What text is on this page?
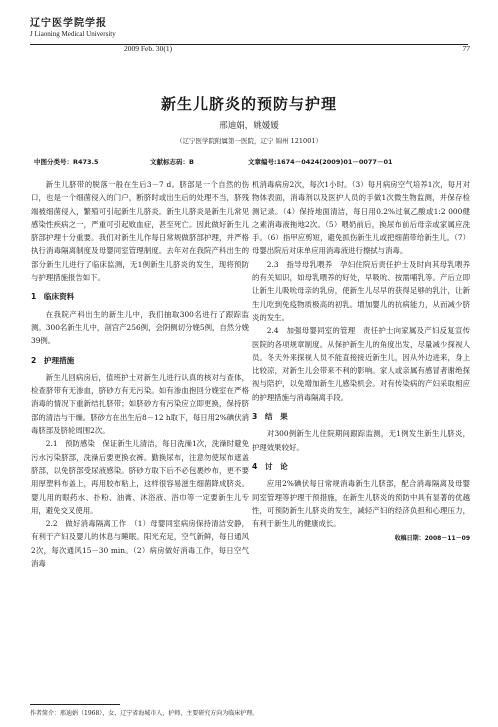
辽宁医学院学报
J Liaoning Medical University
2009 Feb. 30(1)	77
新生儿脐炎的预防与护理
邢迪娟，姚媛媛
（辽宁医学院附属第一医院，辽宁 锦州 121001）
中图分类号：R473.5	文献标志码：B	文章编号:1674－0424(2009)01－0077－01

新生儿脐带的脱落一般在生后3－7 d。脐部是一个自然的伤口，也是一个细菌侵入的门户，断脐时或出生后的处理不当，脐残端被细菌侵入，繁殖可引起新生儿脐炎。新生儿脐炎是新生儿常见感染性疾病之一，严重可引起败血症，甚至死亡。因此做好新生儿脐部护理十分重要。我们对新生儿作每日常规做脐部护理，并严格执行消毒隔离制度及母婴同室管理制度。去年对在我院产科出生的部分新生儿进行了临床监测，无1例新生儿脐炎的发生，现将预防与护理措施报告如下。

1　临床资料

在我院产科出生的新生儿中，我们抽取300名进行了跟踪监测。300名新生儿中，剖宫产256例，会阴侧切分娩5例，自然分娩39例。

2　护理措施

新生儿回病房后，值班护士对新生儿进行认真的核对与查体，检查脐带有无渗血，脐砂方有无污染。如有渗血抱回分娩室在严格消毒的情况下重新结扎脐带；如脐砂方有污染应立即更换，保持脐部的清洁与干燥。脐砂方在出生后8－12 h取下，每日用2%碘伏消毒脐部及脐轮周围2次。

2.1　预防感染　保证新生儿清洁，每日洗澡1次，洗澡时避免污水污染脐部，洗澡后要更换衣裤。勤换尿布，注意勿使尿布遮盖脐部，以免脐部受尿液感染。脐砂方取下后不必包裹纱布，更不要用厚塑料布盖上，再用胶布粘上，这样很容易滋生细菌降成脐炎。婴儿用的眼药水、扑粉、油膏、沐浴液、浴巾等一定要新生儿专用，避免交叉使用。

2.2　做好消毒隔离工作　（1）母婴同室病房保持清洁安静，有利于产妇及婴儿的休息与睡眠。阳光充足，空气新鲜，每日通风2次，每次通风15－30 min。（2）病房做好消毒工作，每日空气消毒

机消毒病房2次，每次1小时。（3）每月病房空气培养1次，每月对物体表面，消毒剂以及医护人员的手做1次微生物监测，并保存检测记录。（4）保持地面清洁，每日用0.2%过氧乙酸或1:2 000健之素消毒液拖地2次。（5）喂奶前后，换尿布前后母亲或家属应洗手。（6）指甲应剪短，避免抓伤新生儿或把细菌带给新生儿。（7）母婴出院后对床单应用消毒液进行擦拭与消毒。

2.3　指导母乳喂养　孕妇住院后责任护士及时向其母乳喂养的有关知识，如母乳喂养的好处，早吸吮、按需哺乳等。产后立即让新生儿吸吮母亲的乳房，使新生儿尽早的获得足够的乳汁，让新生儿吃到免疫物质极高的初乳。增加婴儿的抗病能力，从而减少脐炎的发生。

2.4　加强母婴同室的管理　责任护士向家属及产妇反复宣传医院的各项规章制度。从保护新生儿的角度出发，尽量减少探视人员。冬天外来探视人员不能直接接近新生儿，因从外边进来，身上比较凉，对新生儿会带来不利的影响。家人或亲属有感冒者谢绝探视与陪护，以免增加新生儿感染机会。对有传染病的产妇采取相应的护理措施与消毒隔离手段。

3　结　果

对300例新生儿住院期间跟踪监测，无1例发生新生儿脐炎，护理效果较好。

4　讨　论

应用2%碘伏每日常规消毒新生儿脐部，配合消毒隔离及母婴同室管理等护理干预措施，在新生儿脐炎的预防中具有显著的优越性，可预防新生儿脐炎的发生，减轻产妇的经济负担和心理压力，有利于新生儿的健康成长。

收稿日期：2008－11－09
作者简介：邢迪娟（1968），女，辽宁省海城市人，护师，主要研究方向为临床护理。
